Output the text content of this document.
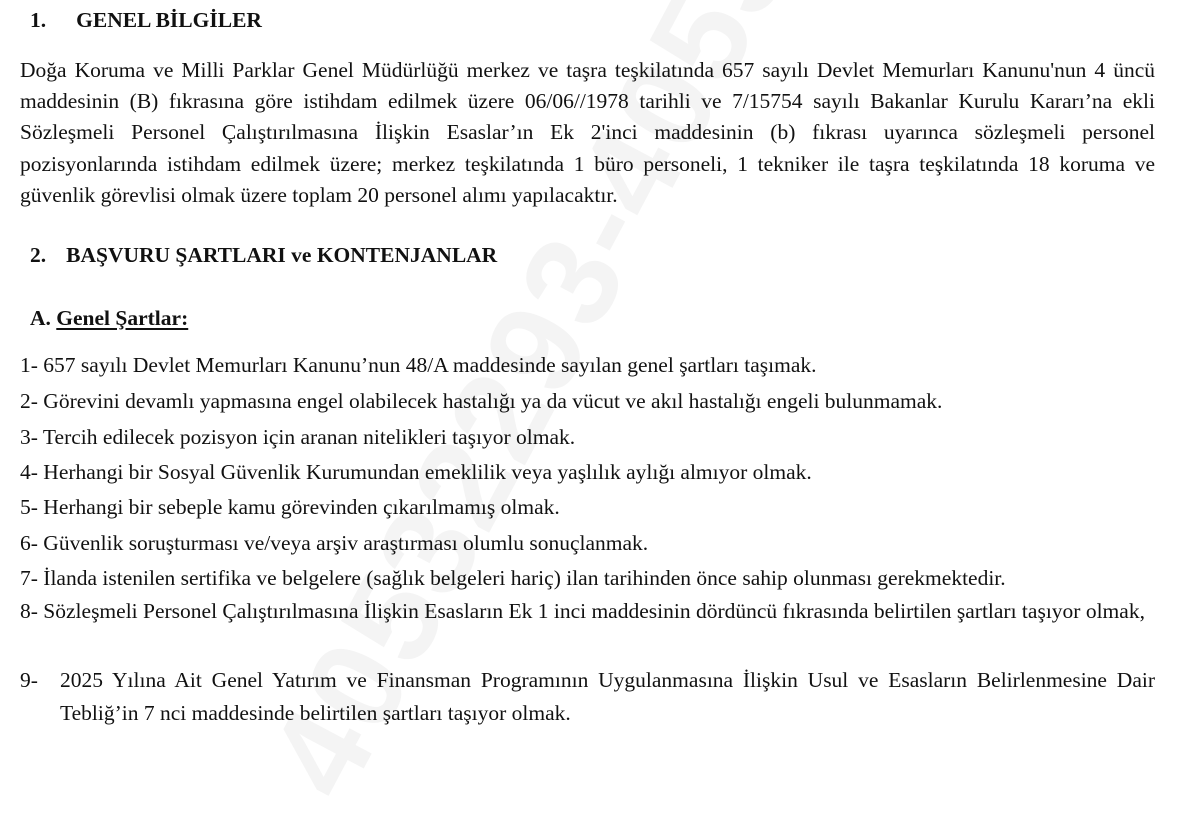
1. GENEL BİLGİLER
Doğa Koruma ve Milli Parklar Genel Müdürlüğü merkez ve taşra teşkilatında 657 sayılı Devlet Memurları Kanunu'nun 4 üncü maddesinin (B) fıkrasına göre istihdam edilmek üzere 06/06//1978 tarihli ve 7/15754 sayılı Bakanlar Kurulu Kararı’na ekli Sözleşmeli Personel Çalıştırılmasına İlişkin Esaslar’ın Ek 2'inci maddesinin (b) fıkrası uyarınca sözleşmeli personel pozisyonlarında istihdam edilmek üzere; merkez teşkilatında 1 büro personeli, 1 tekniker ile taşra teşkilatında 18 koruma ve güvenlik görevlisi olmak üzere toplam 20 personel alımı yapılacaktır.
2. BAŞVURU ŞARTLARI ve KONTENJANLAR
A. Genel Şartlar:
1- 657 sayılı Devlet Memurları Kanunu’nun 48/A maddesinde sayılan genel şartları taşımak.
2- Görevini devamlı yapmasına engel olabilecek hastalığı ya da vücut ve akıl hastalığı engeli bulunmamak.
3- Tercih edilecek pozisyon için aranan nitelikleri taşıyor olmak.
4- Herhangi bir Sosyal Güvenlik Kurumundan emeklilik veya yaşlılık aylığı almıyor olmak.
5- Herhangi bir sebeple kamu görevinden çıkarılmamış olmak.
6- Güvenlik soruşturması ve/veya arşiv araştırması olumlu sonuçlanmak.
7- İlanda istenilen sertifika ve belgelere (sağlık belgeleri hariç) ilan tarihinden önce sahip olunması gerekmektedir.
8- Sözleşmeli Personel Çalıştırılmasına İlişkin Esasların Ek 1 inci maddesinin dördüncü fıkrasında belirtilen şartları taşıyor olmak,
9- 2025 Yılına Ait Genel Yatırım ve Finansman Programının Uygulanmasına İlişkin Usul ve Esasların Belirlenmesine Dair Tebliğ’in 7 nci maddesinde belirtilen şartları taşıyor olmak.
